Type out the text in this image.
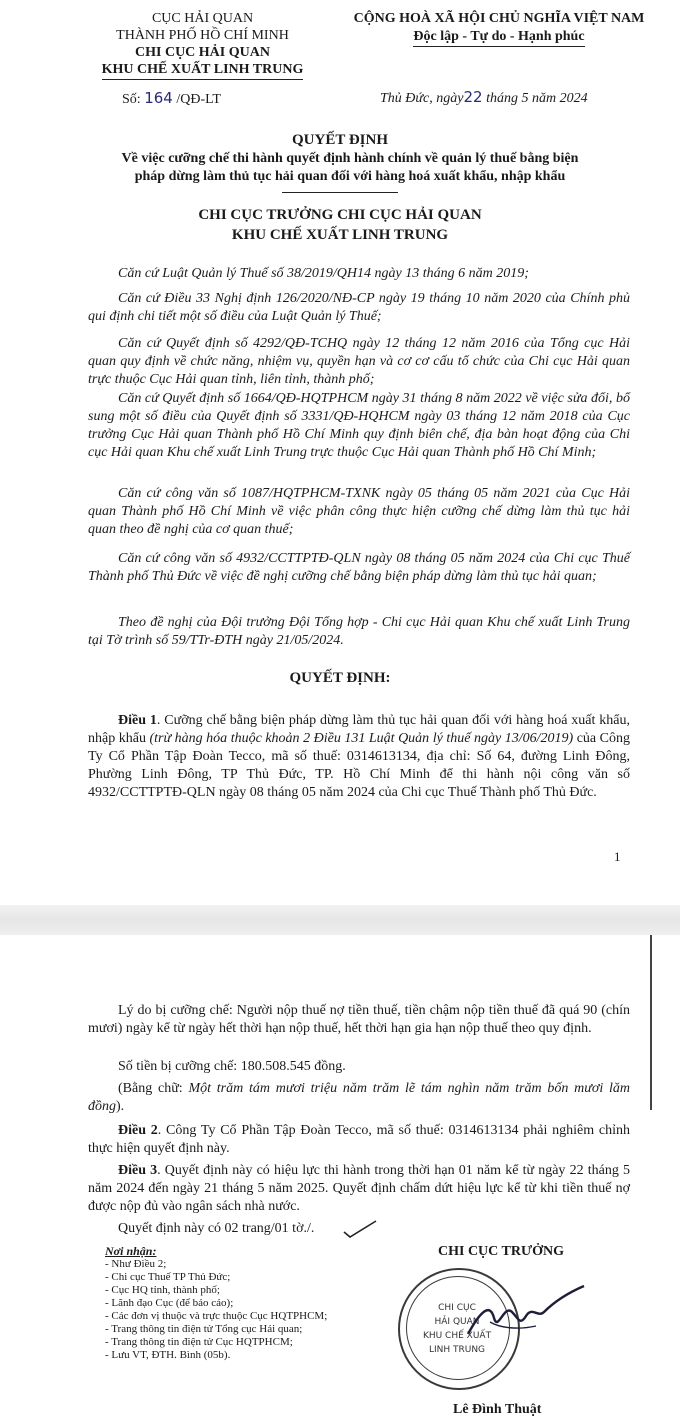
CỤC HẢI QUAN
THÀNH PHỐ HỒ CHÍ MINH
CHI CỤC HẢI QUAN
KHU CHẾ XUẤT LINH TRUNG
CỘNG HOÀ XÃ HỘI CHỦ NGHĨA VIỆT NAM
Độc lập - Tự do - Hạnh phúc
Số: 164 /QĐ-LT	Thủ Đức, ngày22 tháng 5 năm 2024
QUYẾT ĐỊNH
Về việc cưỡng chế thi hành quyết định hành chính về quản lý thuế bằng biện
pháp dừng làm thủ tục hải quan đối với hàng hoá xuất khẩu, nhập khẩu
CHI CỤC TRƯỞNG CHI CỤC HẢI QUAN
KHU CHẾ XUẤT LINH TRUNG
Căn cứ Luật Quản lý Thuế số 38/2019/QH14 ngày 13 tháng 6 năm 2019;
Căn cứ Điều 33 Nghị định 126/2020/NĐ-CP ngày 19 tháng 10 năm 2020 của Chính phủ qui định chi tiết một số điều của Luật Quản lý Thuế;
Căn cứ Quyết định số 4292/QĐ-TCHQ ngày 12 tháng 12 năm 2016 của Tổng cục Hải quan quy định về chức năng, nhiệm vụ, quyền hạn và cơ cơ cấu tổ chức của Chi cục Hải quan trực thuộc Cục Hải quan tỉnh, liên tỉnh, thành phố;
Căn cứ Quyết định số 1664/QĐ-HQTPHCM ngày 31 tháng 8 năm 2022 về việc sửa đổi, bổ sung một số điều của Quyết định số 3331/QĐ-HQHCM ngày 03 tháng 12 năm 2018 của Cục trưởng Cục Hải quan Thành phố Hồ Chí Minh quy định biên chế, địa bàn hoạt động của Chi cục Hải quan Khu chế xuất Linh Trung trực thuộc Cục Hải quan Thành phố Hồ Chí Minh;
Căn cứ công văn số 1087/HQTPHCM-TXNK ngày 05 tháng 05 năm 2021 của Cục Hải quan Thành phố Hồ Chí Minh về việc phân công thực hiện cưỡng chế dừng làm thủ tục hải quan theo đề nghị của cơ quan thuế;
Căn cứ công văn số 4932/CCTTPTĐ-QLN ngày 08 tháng 05 năm 2024 của Chi cục Thuế Thành phố Thủ Đức về việc đề nghị cưỡng chế bằng biện pháp dừng làm thủ tục hải quan;
Theo đề nghị của Đội trưởng Đội Tổng hợp - Chi cục Hải quan Khu chế xuất Linh Trung tại Tờ trình số 59/TTr-ĐTH ngày 21/05/2024.
QUYẾT ĐỊNH:
Điều 1. Cưỡng chế bằng biện pháp dừng làm thủ tục hải quan đối với hàng hoá xuất khẩu, nhập khẩu (trừ hàng hóa thuộc khoản 2 Điều 131 Luật Quản lý thuế ngày 13/06/2019) của Công Ty Cổ Phần Tập Đoàn Tecco, mã số thuế: 0314613134, địa chỉ: Số 64, đường Linh Đông, Phường Linh Đông, TP Thủ Đức, TP. Hồ Chí Minh để thi hành nội công văn số 4932/CCTTPTĐ-QLN ngày 08 tháng 05 năm 2024 của Chi cục Thuế Thành phố Thủ Đức.
1
Lý do bị cưỡng chế: Người nộp thuế nợ tiền thuế, tiền chậm nộp tiền thuế đã quá 90 (chín mươi) ngày kể từ ngày hết thời hạn nộp thuế, hết thời hạn gia hạn nộp thuế theo quy định.
Số tiền bị cưỡng chế: 180.508.545 đồng.
(Bằng chữ: Một trăm tám mươi triệu năm trăm lẽ tám nghìn năm trăm bốn mươi lăm đồng).
Điều 2. Công Ty Cổ Phần Tập Đoàn Tecco, mã số thuế: 0314613134 phải nghiêm chỉnh thực hiện quyết định này.
Điều 3. Quyết định này có hiệu lực thi hành trong thời hạn 01 năm kể từ ngày 22 tháng 5 năm 2024 đến ngày 21 tháng 5 năm 2025. Quyết định chấm dứt hiệu lực kể từ khi tiền thuế nợ được nộp đủ vào ngân sách nhà nước.
Quyết định này có 02 trang/01 tờ./.
Nơi nhận:
- Như Điều 2;
- Chi cục Thuế TP Thủ Đức;
- Cục HQ tỉnh, thành phố;
- Lãnh đạo Cục (để báo cáo);
- Các đơn vị thuộc và trực thuộc Cục HQTPHCM;
- Trang thông tin điện tử Tổng cục Hải quan;
- Trang thông tin điện tử Cục HQTPHCM;
- Lưu VT, ĐTH. Bình (05b).
CHI CỤC TRƯỞNG
CHI CỤC
HẢI QUAN
KHU CHẾ XUẤT
LINH TRUNG
Lê Đình Thuật
